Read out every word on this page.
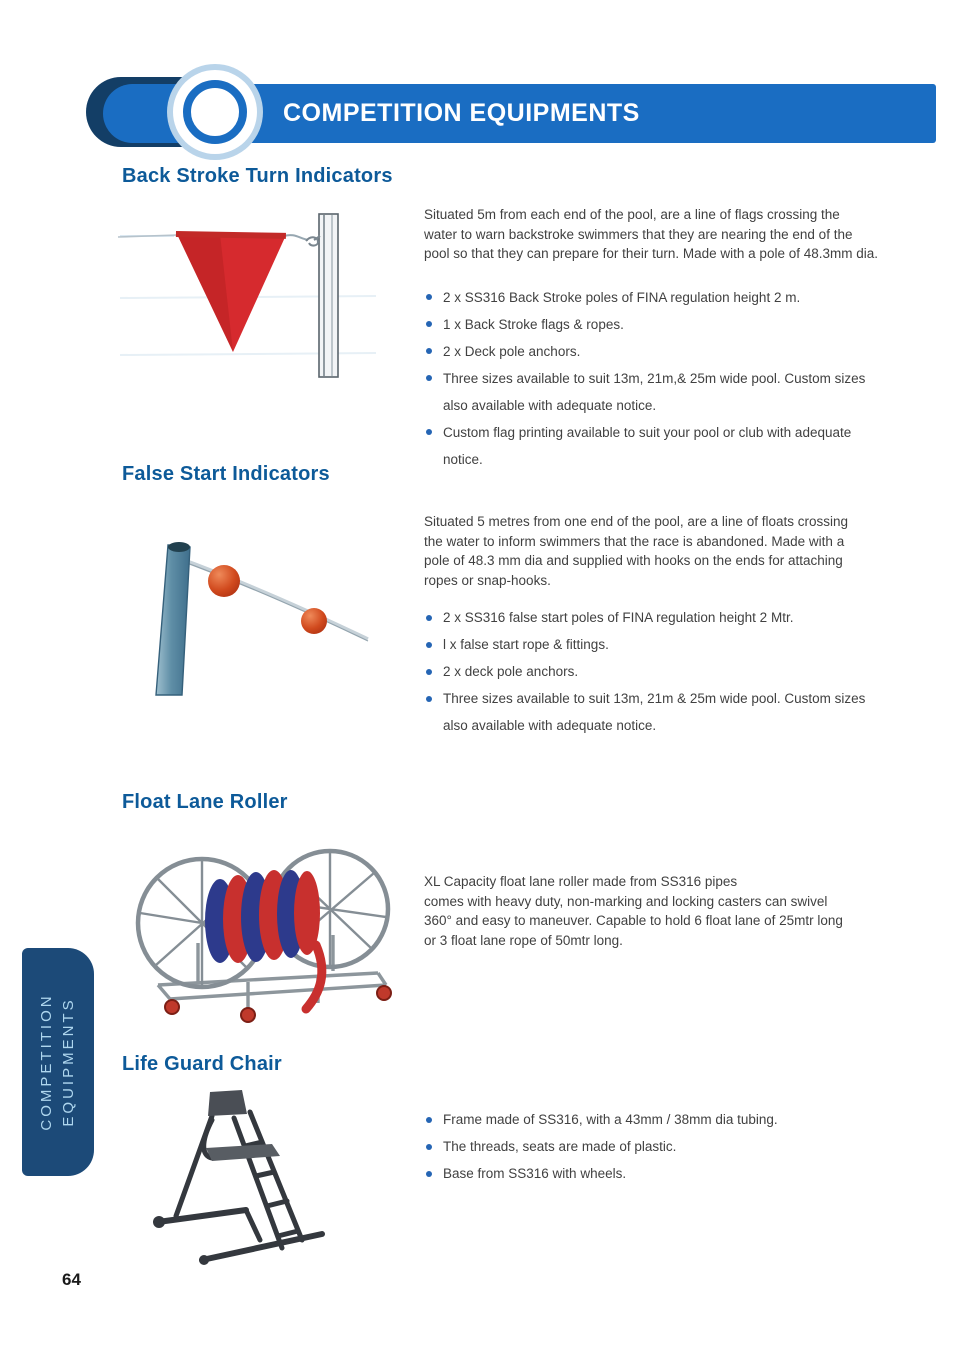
COMPETITION EQUIPMENTS
Back Stroke Turn Indicators
Situated 5m from each end of the pool, are a line of flags crossing the
water to warn backstroke swimmers that they are nearing the end of the
pool so that they can prepare for their turn. Made with a pole of 48.3mm dia.
2 x SS316 Back Stroke poles of FINA regulation height 2 m.
1 x Back Stroke flags & ropes.
2 x Deck pole anchors.
Three sizes available to suit 13m, 21m,& 25m wide pool. Custom sizes also available with adequate notice.
Custom flag printing available to suit your pool or club with adequate notice.
False Start Indicators
Situated 5 metres from one end of the pool, are a line of floats crossing
the water to inform swimmers that the race is abandoned. Made with a
pole of 48.3 mm dia and supplied with hooks on the ends for attaching
ropes or snap-hooks.
2 x SS316 false start poles of FINA regulation height 2 Mtr.
l x false start rope & fittings.
2 x deck pole anchors.
Three sizes available to suit 13m, 21m & 25m wide pool. Custom sizes also available with adequate notice.
Float Lane Roller
XL Capacity float lane roller made from SS316 pipes
comes with heavy duty, non-marking and locking casters can swivel
360° and easy to maneuver. Capable to hold 6 float lane of 25mtr long
or 3 float lane rope of 50mtr long.
Life Guard Chair
Frame made of SS316, with a 43mm / 38mm dia tubing.
The threads, seats are made of plastic.
Base from SS316 with wheels.
COMPETITION EQUIPMENTS
64
